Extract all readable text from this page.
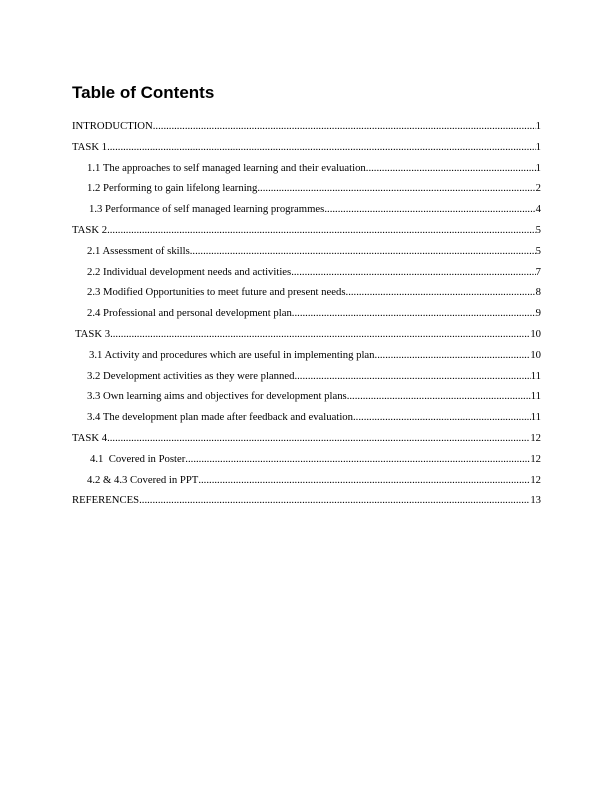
Table of Contents
INTRODUCTION .....	1
TASK 1 .....	1
1.1 The approaches to self managed learning and their evaluation .....	1
1.2 Performing to gain lifelong learning .....	2
1.3 Performance of self managed learning programmes .....	4
TASK 2 .....	5
2.1 Assessment of skills .....	5
2.2 Individual development needs and activities .....	7
2.3 Modified Opportunities to meet future and present needs .....	8
2.4 Professional and personal development plan .....	9
TASK 3 .....	10
3.1 Activity and procedures which are useful in implementing plan .....	10
3.2 Development activities as they were planned .....	11
3.3 Own learning aims and objectives for development plans .....	11
3.4 The development plan made after feedback and evaluation .....	11
TASK 4 .....	12
4.1  Covered in Poster .....	12
4.2 & 4.3 Covered in PPT .....	12
REFERENCES .....	13
